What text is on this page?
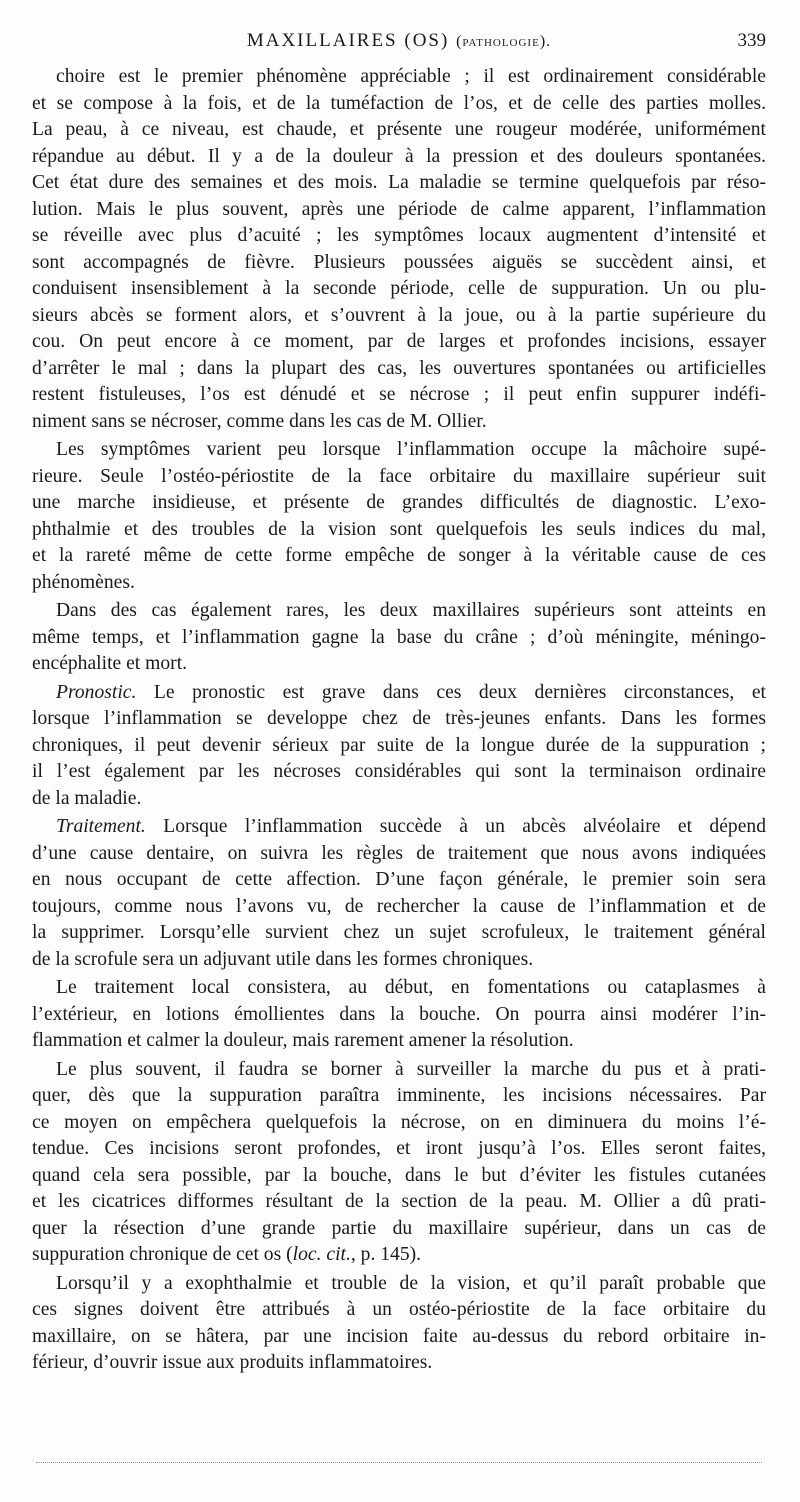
MAXILLAIRES (OS) (pathologie).	339
choire est le premier phénomène appréciable ; il est ordinairement considérable
et se compose à la fois, et de la tuméfaction de l’os, et de celle des parties molles.
La peau, à ce niveau, est chaude, et présente une rougeur modérée, uniformément
répandue au début. Il y a de la douleur à la pression et des douleurs spontanées.
Cet état dure des semaines et des mois. La maladie se termine quelquefois par réso-
lution. Mais le plus souvent, après une période de calme apparent, l’inflammation
se réveille avec plus d’acuité ; les symptômes locaux augmentent d’intensité et
sont accompagnés de fièvre. Plusieurs poussées aiguës se succèdent ainsi, et
conduisent insensiblement à la seconde période, celle de suppuration. Un ou plu-
sieurs abcès se forment alors, et s’ouvrent à la joue, ou à la partie supérieure du
cou. On peut encore à ce moment, par de larges et profondes incisions, essayer
d’arrêter le mal ; dans la plupart des cas, les ouvertures spontanées ou artificielles
restent fistuleuses, l’os est dénudé et se nécrose ; il peut enfin suppurer indéfi-
niment sans se nécroser, comme dans les cas de M. Ollier.
Les symptômes varient peu lorsque l’inflammation occupe la mâchoire supé-
rieure. Seule l’ostéo-périostite de la face orbitaire du maxillaire supérieur suit
une marche insidieuse, et présente de grandes difficultés de diagnostic. L’exo-
phthalmie et des troubles de la vision sont quelquefois les seuls indices du mal,
et la rareté même de cette forme empêche de songer à la véritable cause de ces
phénomènes.
Dans des cas également rares, les deux maxillaires supérieurs sont atteints en
même temps, et l’inflammation gagne la base du crâne ; d’où méningite, méningo-
encéphalite et mort.
Pronostic. Le pronostic est grave dans ces deux dernières circonstances, et
lorsque l’inflammation se developpe chez de très-jeunes enfants. Dans les formes
chroniques, il peut devenir sérieux par suite de la longue durée de la suppuration ;
il l’est également par les nécroses considérables qui sont la terminaison ordinaire
de la maladie.
Traitement. Lorsque l’inflammation succède à un abcès alvéolaire et dépend
d’une cause dentaire, on suivra les règles de traitement que nous avons indiquées
en nous occupant de cette affection. D’une façon générale, le premier soin sera
toujours, comme nous l’avons vu, de rechercher la cause de l’inflammation et de
la supprimer. Lorsqu’elle survient chez un sujet scrofuleux, le traitement général
de la scrofule sera un adjuvant utile dans les formes chroniques.
Le traitement local consistera, au début, en fomentations ou cataplasmes à
l’extérieur, en lotions émollientes dans la bouche. On pourra ainsi modérer l’in-
flammation et calmer la douleur, mais rarement amener la résolution.
Le plus souvent, il faudra se borner à surveiller la marche du pus et à prati-
quer, dès que la suppuration paraîtra imminente, les incisions nécessaires. Par
ce moyen on empêchera quelquefois la nécrose, on en diminuera du moins l’é-
tendue. Ces incisions seront profondes, et iront jusqu’à l’os. Elles seront faites,
quand cela sera possible, par la bouche, dans le but d’éviter les fistules cutanées
et les cicatrices difformes résultant de la section de la peau. M. Ollier a dû prati-
quer la résection d’une grande partie du maxillaire supérieur, dans un cas de
suppuration chronique de cet os (loc. cit., p. 145).
Lorsqu’il y a exophthalmie et trouble de la vision, et qu’il paraît probable que
ces signes doivent être attribués à un ostéo-périostite de la face orbitaire du
maxillaire, on se hâtera, par une incision faite au-dessus du rebord orbitaire in-
férieur, d’ouvrir issue aux produits inflammatoires.
